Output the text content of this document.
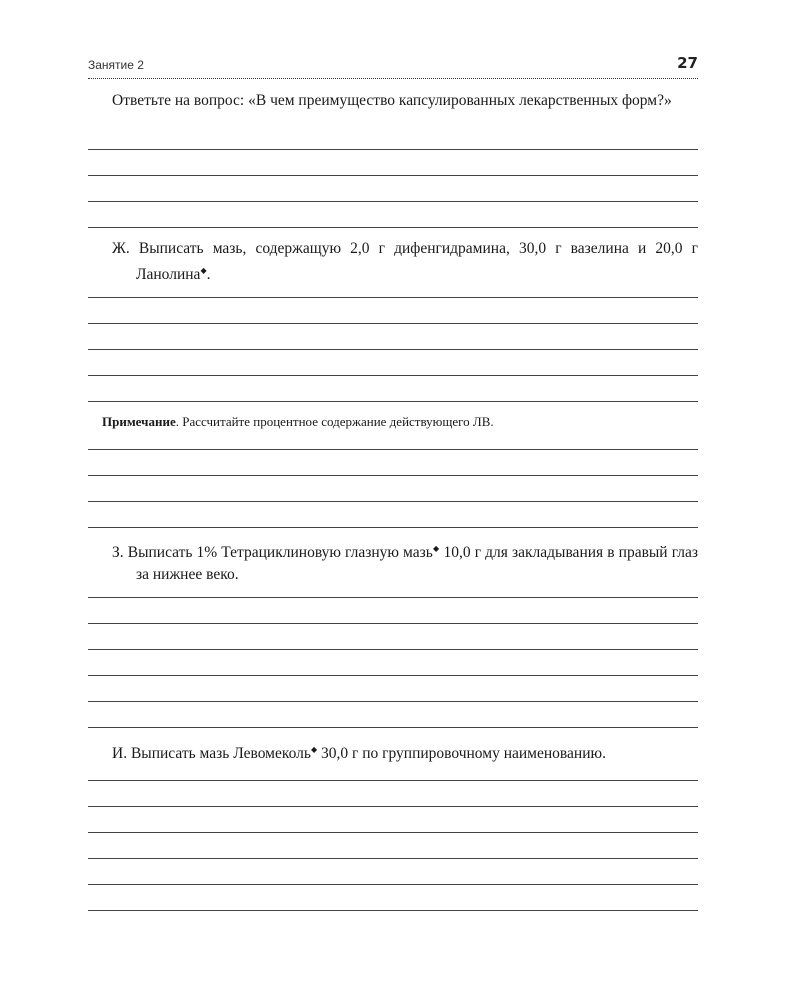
Занятие 2	27

Ответьте на вопрос: «В чем преимущество капсулированных лекарственных форм?»

Ж. Выписать мазь, содержащую 2,0 г дифенгидрамина, 30,0 г вазелина и 20,0 г Ланолина◆.

Примечание. Рассчитайте процентное содержание действующего ЛВ.

З. Выписать 1% Тетрациклиновую глазную мазь◆ 10,0 г для закладывания в правый глаз за нижнее веко.

И. Выписать мазь Левомеколь◆ 30,0 г по группировочному наименованию.
